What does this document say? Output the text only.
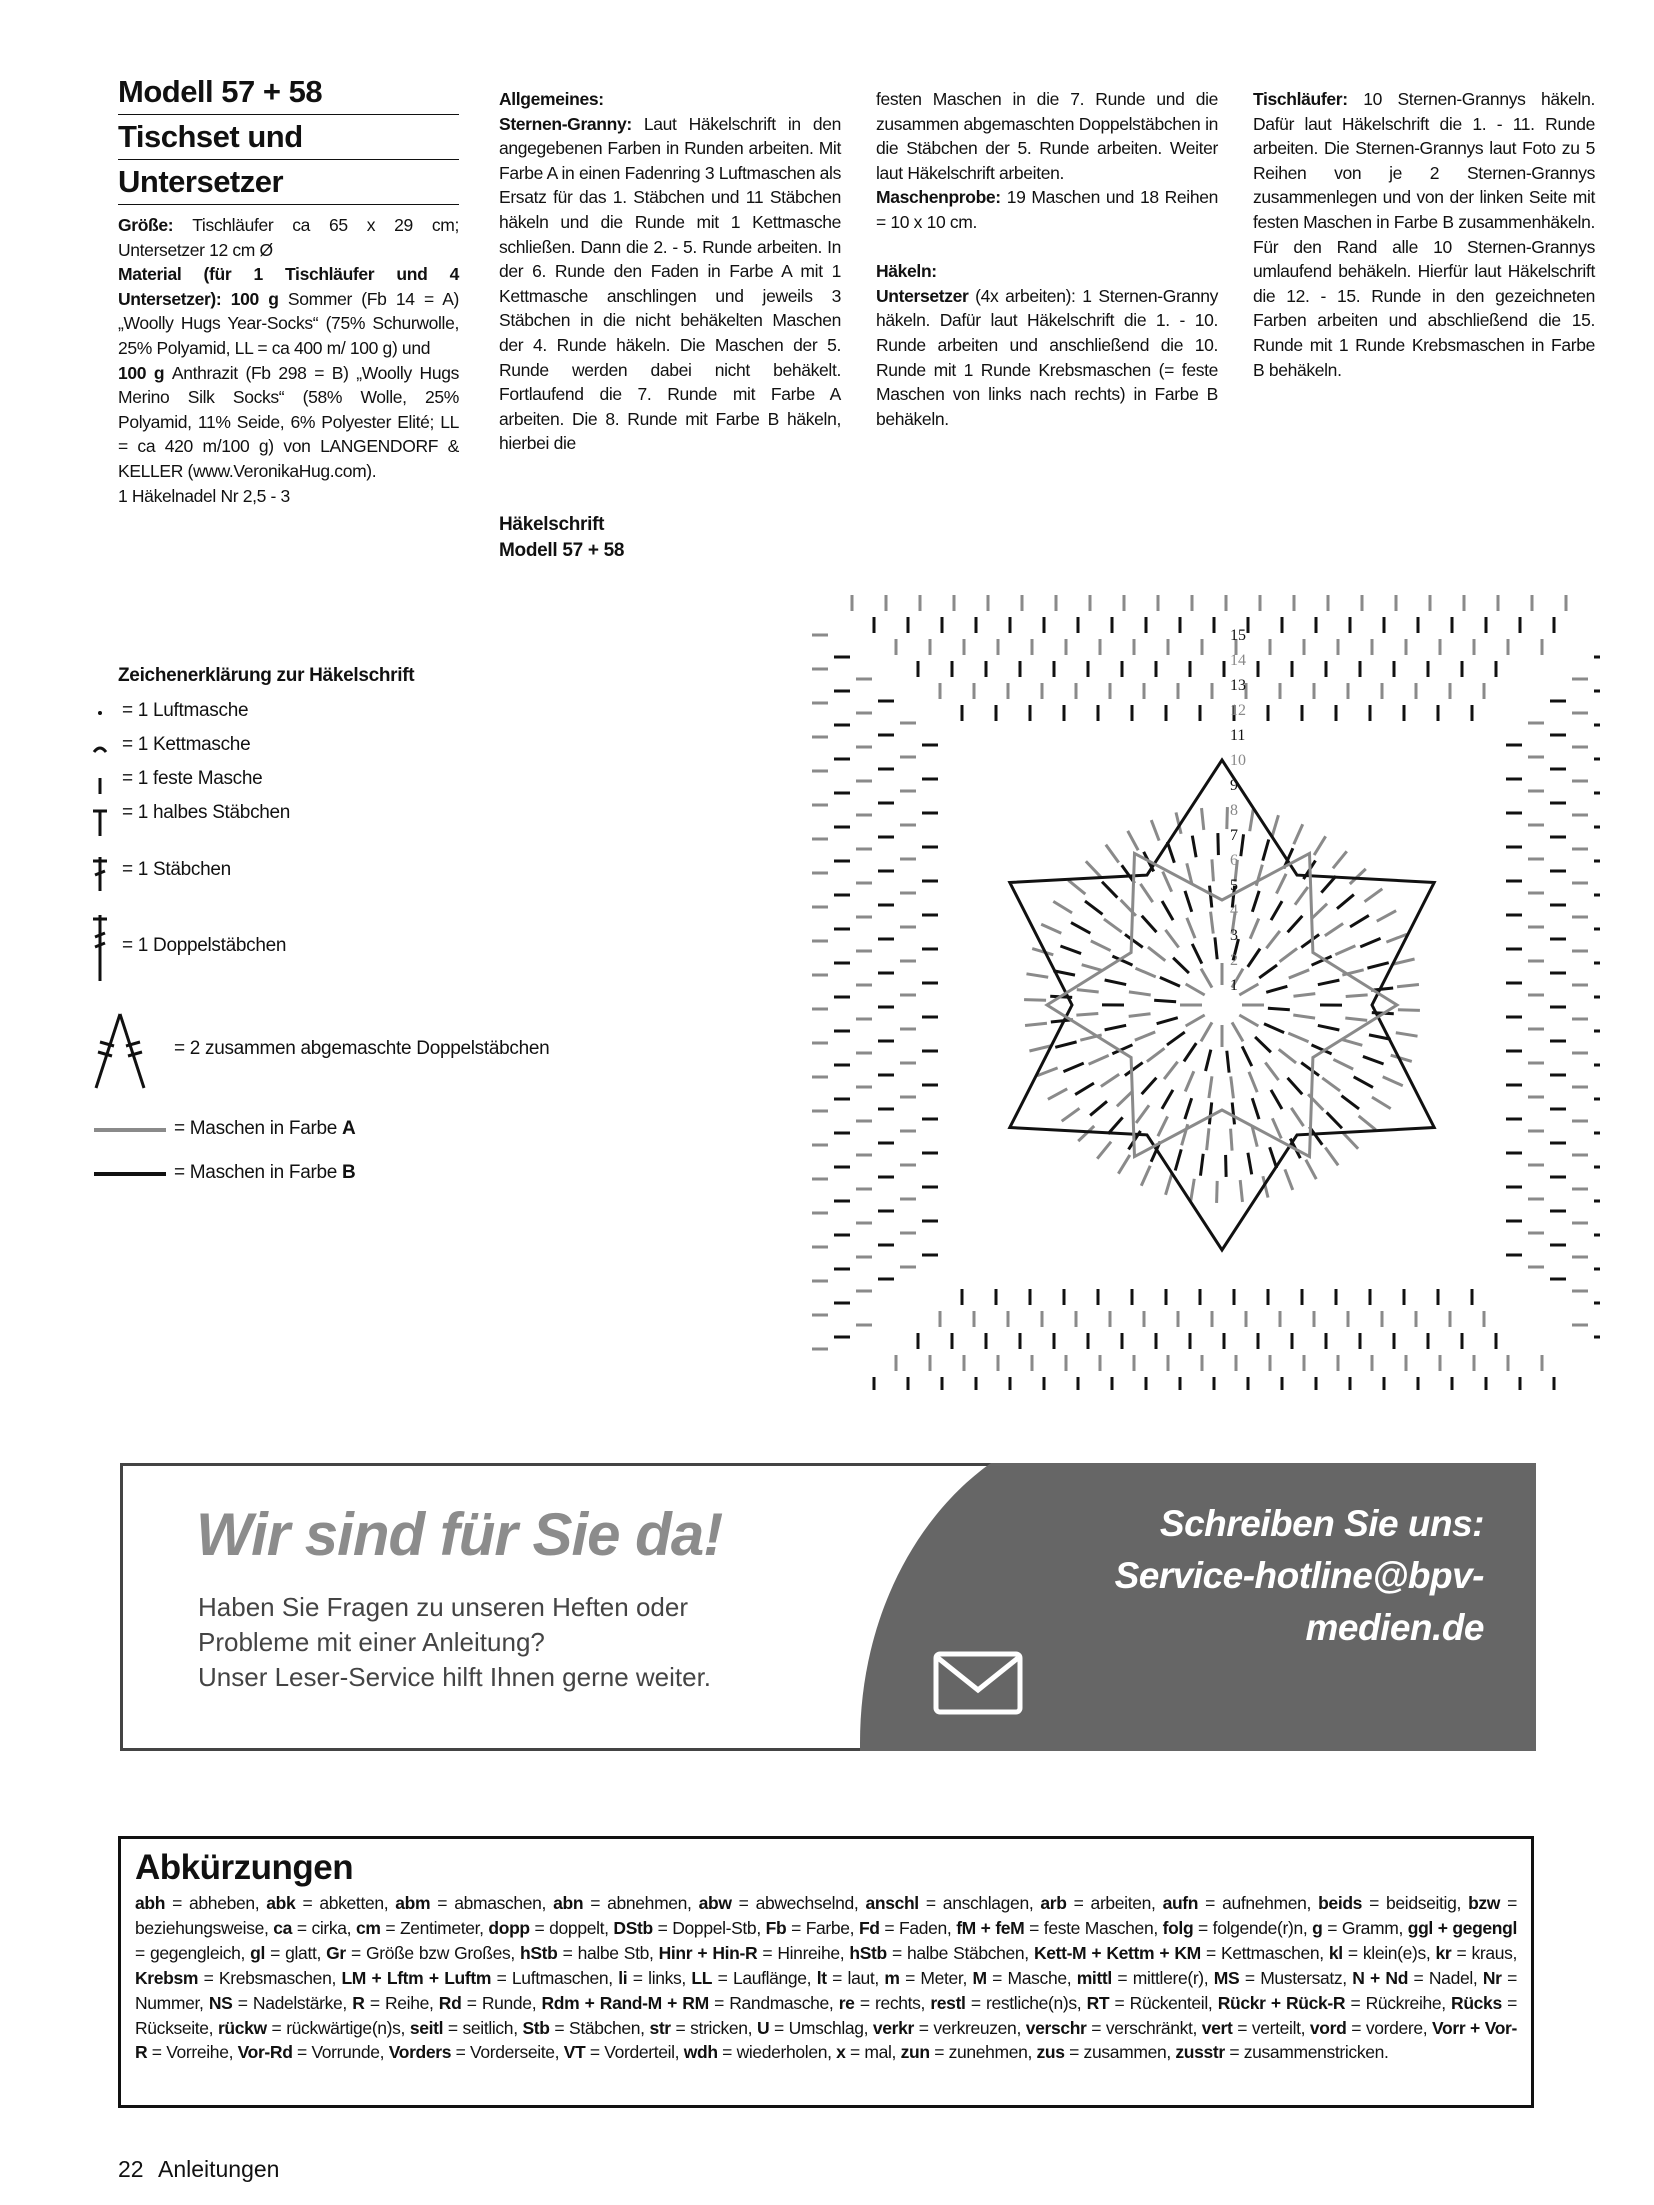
Modell 57 + 58
Tischset und
Untersetzer

Größe: Tischläufer ca 65 x 29 cm; Untersetzer 12 cm Ø

Material (für 1 Tischläufer und 4 Untersetzer): 100 g Sommer (Fb 14 = A) „Woolly Hugs Year-Socks“ (75% Schurwolle, 25% Polyamid, LL = ca 400 m/ 100 g) und

100 g Anthrazit (Fb 298 = B) „Woolly Hugs Merino Silk Socks“ (58% Wolle, 25% Polyamid, 11% Seide, 6% Polyester Elité; LL = ca 420 m/100 g) von LANGENDORF & KELLER (www.VeronikaHug.com).

1 Häkelnadel Nr 2,5 - 3

Allgemeines:

Sternen-Granny: Laut Häkelschrift in den angegebenen Farben in Runden arbeiten. Mit Farbe A in einen Fadenring 3 Luftmaschen als Ersatz für das 1. Stäbchen und 11 Stäbchen häkeln und die Runde mit 1 Kettmasche schließen. Dann die 2. - 5. Runde arbeiten. In der 6. Runde den Faden in Farbe A mit 1 Kettmasche anschlingen und jeweils 3 Stäbchen in die nicht behäkelten Maschen der 4. Runde häkeln. Die Maschen der 5. Runde werden dabei nicht behäkelt. Fortlaufend die 7. Runde mit Farbe A arbeiten. Die 8. Runde mit Farbe B häkeln, hierbei die

festen Maschen in die 7. Runde und die zusammen abgemaschten Doppelstäbchen in die Stäbchen der 5. Runde arbeiten. Weiter laut Häkelschrift arbeiten.

Maschenprobe: 19 Maschen und 18 Reihen = 10 x 10 cm.

Häkeln:

Untersetzer (4x arbeiten): 1 Sternen-Granny häkeln. Dafür laut Häkelschrift die 1. - 10. Runde arbeiten und anschließend die 10. Runde mit 1 Runde Krebsmaschen (= feste Maschen von links nach rechts) in Farbe B behäkeln.

Tischläufer: 10 Sternen-Grannys häkeln. Dafür laut Häkelschrift die 1. - 11. Runde arbeiten. Die Sternen-Grannys laut Foto zu 5 Reihen von je 2 Sternen-Grannys zusammenlegen und von der linken Seite mit festen Maschen in Farbe B zusammenhäkeln. Für den Rand alle 10 Sternen-Grannys umlaufend behäkeln. Hierfür laut Häkelschrift die 12. - 15. Runde in den gezeichneten Farben arbeiten und abschließend die 15. Runde mit 1 Runde Krebsmaschen in Farbe B behäkeln.

Häkelschrift
Modell 57 + 58
1
2
3
4
5
6
7
8
9
10
11
12
13
14
15
Zeichenerklärung zur Häkelschrift
= 1 Luftmasche
= 1 Kettmasche
= 1 feste Masche
= 1 halbes Stäbchen
= 1 Stäbchen
= 1 Doppelstäbchen
= 2 zusammen abgemaschte Doppelstäbchen
= Maschen in Farbe A
= Maschen in Farbe B
Wir sind für Sie da!
Haben Sie Fragen zu unseren Heften oder
Probleme mit einer Anleitung?
Unser Leser-Service hilft Ihnen gerne weiter.
Schreiben Sie uns:
Service-hotline@bpv-
medien.de
Abkürzungen
abh = abheben, abk = abketten, abm = abmaschen, abn = abnehmen, abw = abwechselnd, anschl = anschlagen, arb = arbeiten, aufn = aufnehmen, beids = beidseitig, bzw = beziehungsweise, ca = cirka, cm = Zentimeter, dopp = doppelt, DStb = Doppel-Stb, Fb = Farbe, Fd = Faden, fM + feM = feste Maschen, folg = folgende(r)n, g = Gramm, ggl + gegengl = gegengleich, gl = glatt, Gr = Größe bzw Großes, hStb = halbe Stb, Hinr + Hin-R = Hinreihe, hStb = halbe Stäbchen, Kett-M + Kettm + KM = Kettmaschen, kl = klein(e)s, kr = kraus, Krebsm = Krebsmaschen, LM + Lftm + Luftm = Luftmaschen, li = links, LL = Lauflänge, lt = laut, m = Meter, M = Masche, mittl = mittlere(r), MS = Mustersatz, N + Nd = Nadel, Nr = Nummer, NS = Nadelstärke, R = Reihe, Rd = Runde, Rdm + Rand-M + RM = Randmasche, re = rechts, restl = restliche(n)s, RT = Rückenteil, Rückr + Rück-R = Rückreihe, Rücks = Rückseite, rückw = rückwärtige(n)s, seitl = seitlich, Stb = Stäbchen, str = stricken, U = Umschlag, verkr = verkreuzen, verschr = verschränkt, vert = verteilt, vord = vordere, Vorr + Vor-R = Vorreihe, Vor-Rd = Vorrunde, Vorders = Vorderseite, VT = Vorderteil, wdh = wiederholen, x = mal, zun = zunehmen, zus = zusammen, zusstr = zusammenstricken.
22 Anleitungen
